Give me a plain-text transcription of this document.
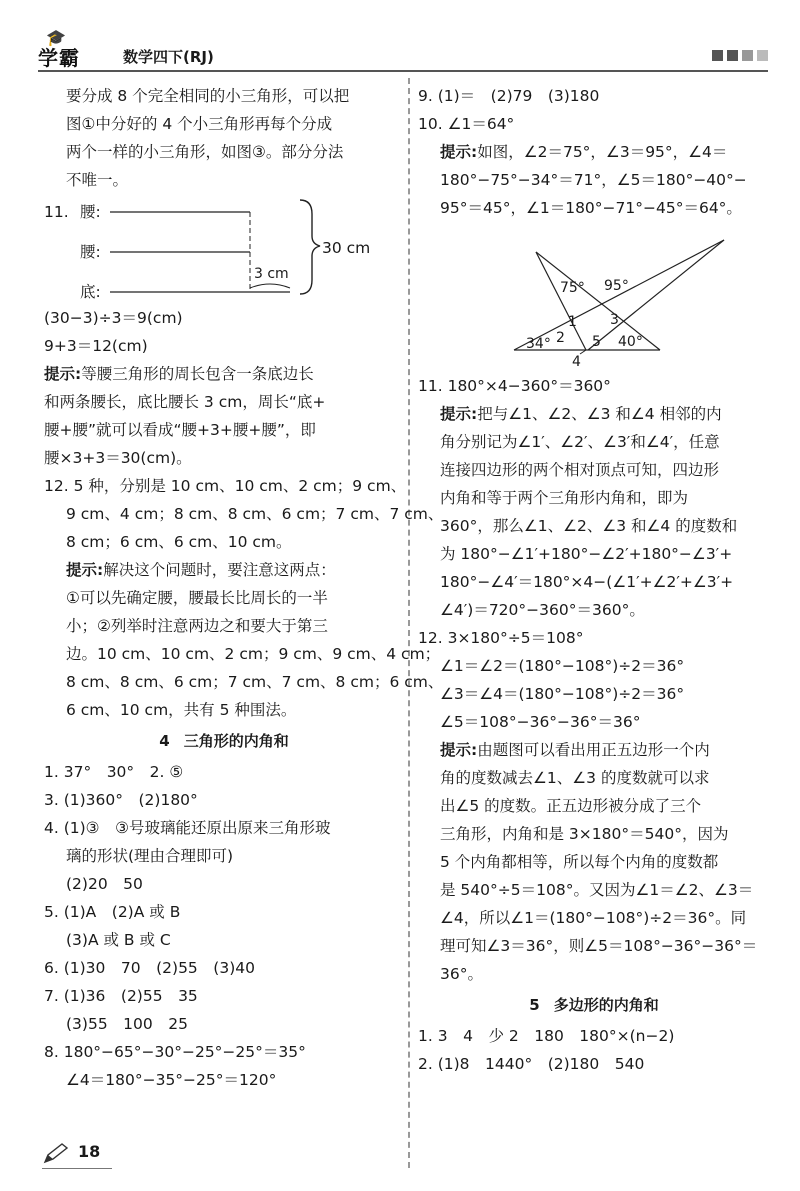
🎓
学霸	数学四下(RJ)
要分成 8 个完全相同的小三角形，可以把
图①中分好的 4 个小三角形再每个分成
两个一样的小三角形，如图③。部分分法
不唯一。
11. 腰:
腰:
底:
3 cm
30 cm
(30−3)÷3＝9(cm)
9+3＝12(cm)
提示:等腰三角形的周长包含一条底边长
和两条腰长，底比腰长 3 cm，周长“底+
腰+腰”就可以看成“腰+3+腰+腰”，即
腰×3+3＝30(cm)。
12. 5 种，分别是 10 cm、10 cm、2 cm；9 cm、
9 cm、4 cm；8 cm、8 cm、6 cm；7 cm、7 cm、
8 cm；6 cm、6 cm、10 cm。
提示:解决这个问题时，要注意这两点：
①可以先确定腰，腰最长比周长的一半
小；②列举时注意两边之和要大于第三
边。10 cm、10 cm、2 cm；9 cm、9 cm、4 cm；
8 cm、8 cm、6 cm；7 cm、7 cm、8 cm；6 cm、
6 cm、10 cm，共有 5 种围法。
4 三角形的内角和
1. 37°　30°　2. ⑤
3. (1)360°　(2)180°
4. (1)③　③号玻璃能还原出原来三角形玻
璃的形状(理由合理即可)
(2)20　50
5. (1)A　(2)A 或 B
(3)A 或 B 或 C
6. (1)30　70　(2)55　(3)40
7. (1)36　(2)55　35
(3)55　100　25
8. 180°−65°−30°−25°−25°＝35°
∠4＝180°−35°−25°＝120°
9. (1)＝　(2)79　(3)180
10. ∠1＝64°
提示:如图，∠2＝75°，∠3＝95°，∠4＝
180°−75°−34°＝71°，∠5＝180°−40°−
95°＝45°，∠1＝180°−71°−45°＝64°。
75° 95°
1
2
3
5
34°	40°
4
11. 180°×4−360°＝360°
提示:把与∠1、∠2、∠3 和∠4 相邻的内
角分别记为∠1′、∠2′、∠3′和∠4′，任意
连接四边形的两个相对顶点可知，四边形
内角和等于两个三角形内角和，即为
360°，那么∠1、∠2、∠3 和∠4 的度数和
为 180°−∠1′+180°−∠2′+180°−∠3′+
180°−∠4′＝180°×4−(∠1′+∠2′+∠3′+
∠4′)＝720°−360°＝360°。
12. 3×180°÷5＝108°
∠1＝∠2＝(180°−108°)÷2＝36°
∠3＝∠4＝(180°−108°)÷2＝36°
∠5＝108°−36°−36°＝36°
提示:由题图可以看出用正五边形一个内
角的度数减去∠1、∠3 的度数就可以求
出∠5 的度数。正五边形被分成了三个
三角形，内角和是 3×180°＝540°，因为
5 个内角都相等，所以每个内角的度数都
是 540°÷5＝108°。又因为∠1＝∠2、∠3＝
∠4，所以∠1＝(180°−108°)÷2＝36°。同
理可知∠3＝36°，则∠5＝108°−36°−36°＝
36°。
5 多边形的内角和
1. 3　4　少 2　180　180°×(n−2)
2. (1)8　1440°　(2)180　540
18
